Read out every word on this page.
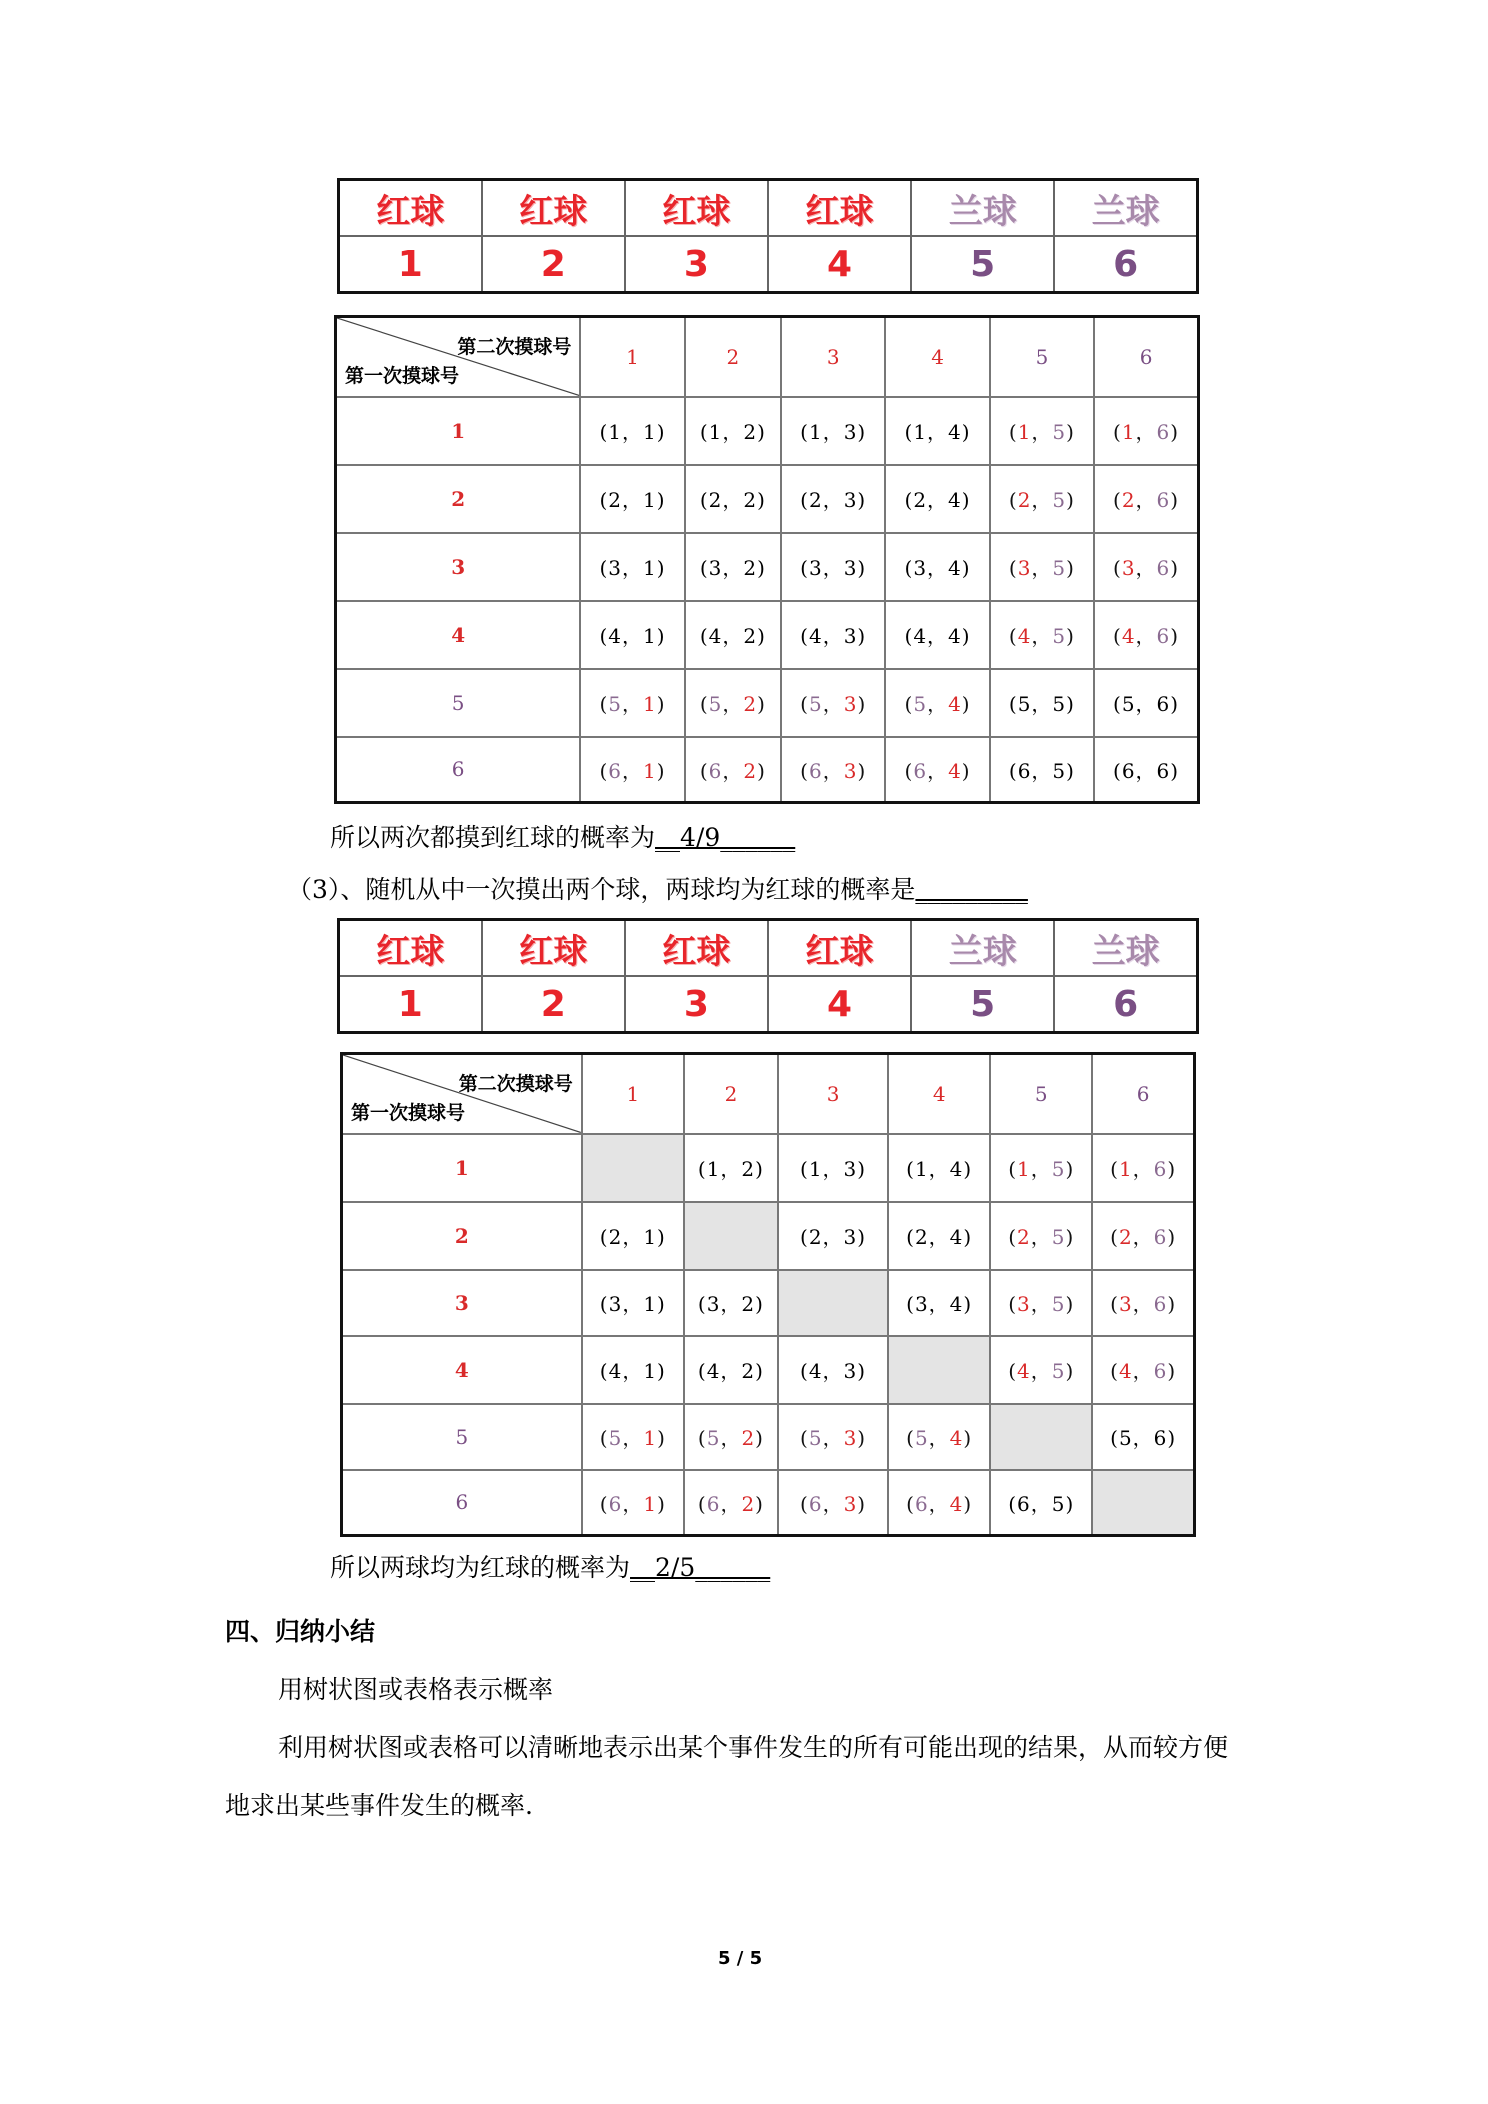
红球	红球	红球	红球	兰球	兰球
1	2	3	4	5	6
第二次摸球号
第一次摸球号	1	2	3	4	5	6
1	(1，1)	(1，2)	(1，3)	(1，4)	(1，5)	(1，6)
2	(2，1)	(2，2)	(2，3)	(2，4)	(2，5)	(2，6)
3	(3，1)	(3，2)	(3，3)	(3，4)	(3，5)	(3，6)
4	(4，1)	(4，2)	(4，3)	(4，4)	(4，5)	(4，6)
5	(5，1)	(5，2)	(5，3)	(5，4)	(5，5)	(5，6)
6	(6，1)	(6，2)	(6，3)	(6，4)	(6，5)	(6，6)
所以两次都摸到红球的概率为__4/9______
（3）、随机从中一次摸出两个球，两球均为红球的概率是_________
红球	红球	红球	红球	兰球	兰球
1	2	3	4	5	6
第二次摸球号
第一次摸球号	1	2	3	4	5	6
1		(1，2)	(1，3)	(1，4)	(1，5)	(1，6)
2	(2，1)		(2，3)	(2，4)	(2，5)	(2，6)
3	(3，1)	(3，2)		(3，4)	(3，5)	(3，6)
4	(4，1)	(4，2)	(4，3)		(4，5)	(4，6)
5	(5，1)	(5，2)	(5，3)	(5，4)		(5，6)
6	(6，1)	(6，2)	(6，3)	(6，4)	(6，5)	
所以两球均为红球的概率为__2/5______
四、归纳小结
用树状图或表格表示概率
利用树状图或表格可以清晰地表示出某个事件发生的所有可能出现的结果，从而较方便
地求出某些事件发生的概率.
5 / 5
